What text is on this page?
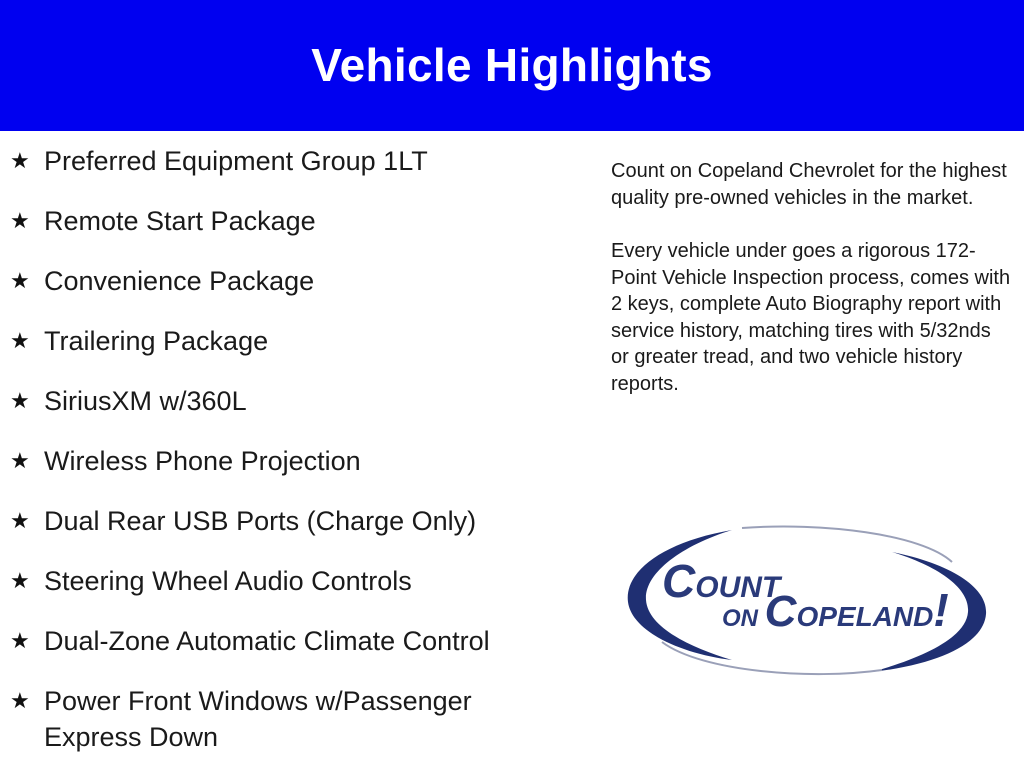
Vehicle Highlights
★ Preferred Equipment Group 1LT
★ Remote Start Package
★ Convenience Package
★ Trailering Package
★ SiriusXM w/360L
★ Wireless Phone Projection
★ Dual Rear USB Ports (Charge Only)
★ Steering Wheel Audio Controls
★ Dual-Zone Automatic Climate Control
★ Power Front Windows w/Passenger Express Down

Count on Copeland Chevrolet for the highest quality pre-owned vehicles in the market.

Every vehicle under goes a rigorous 172-Point Vehicle Inspection process, comes with 2 keys, complete Auto Biography report with service history, matching tires with 5/32nds or greater tread, and two vehicle history reports.

COUNT
ON COPELAND!
